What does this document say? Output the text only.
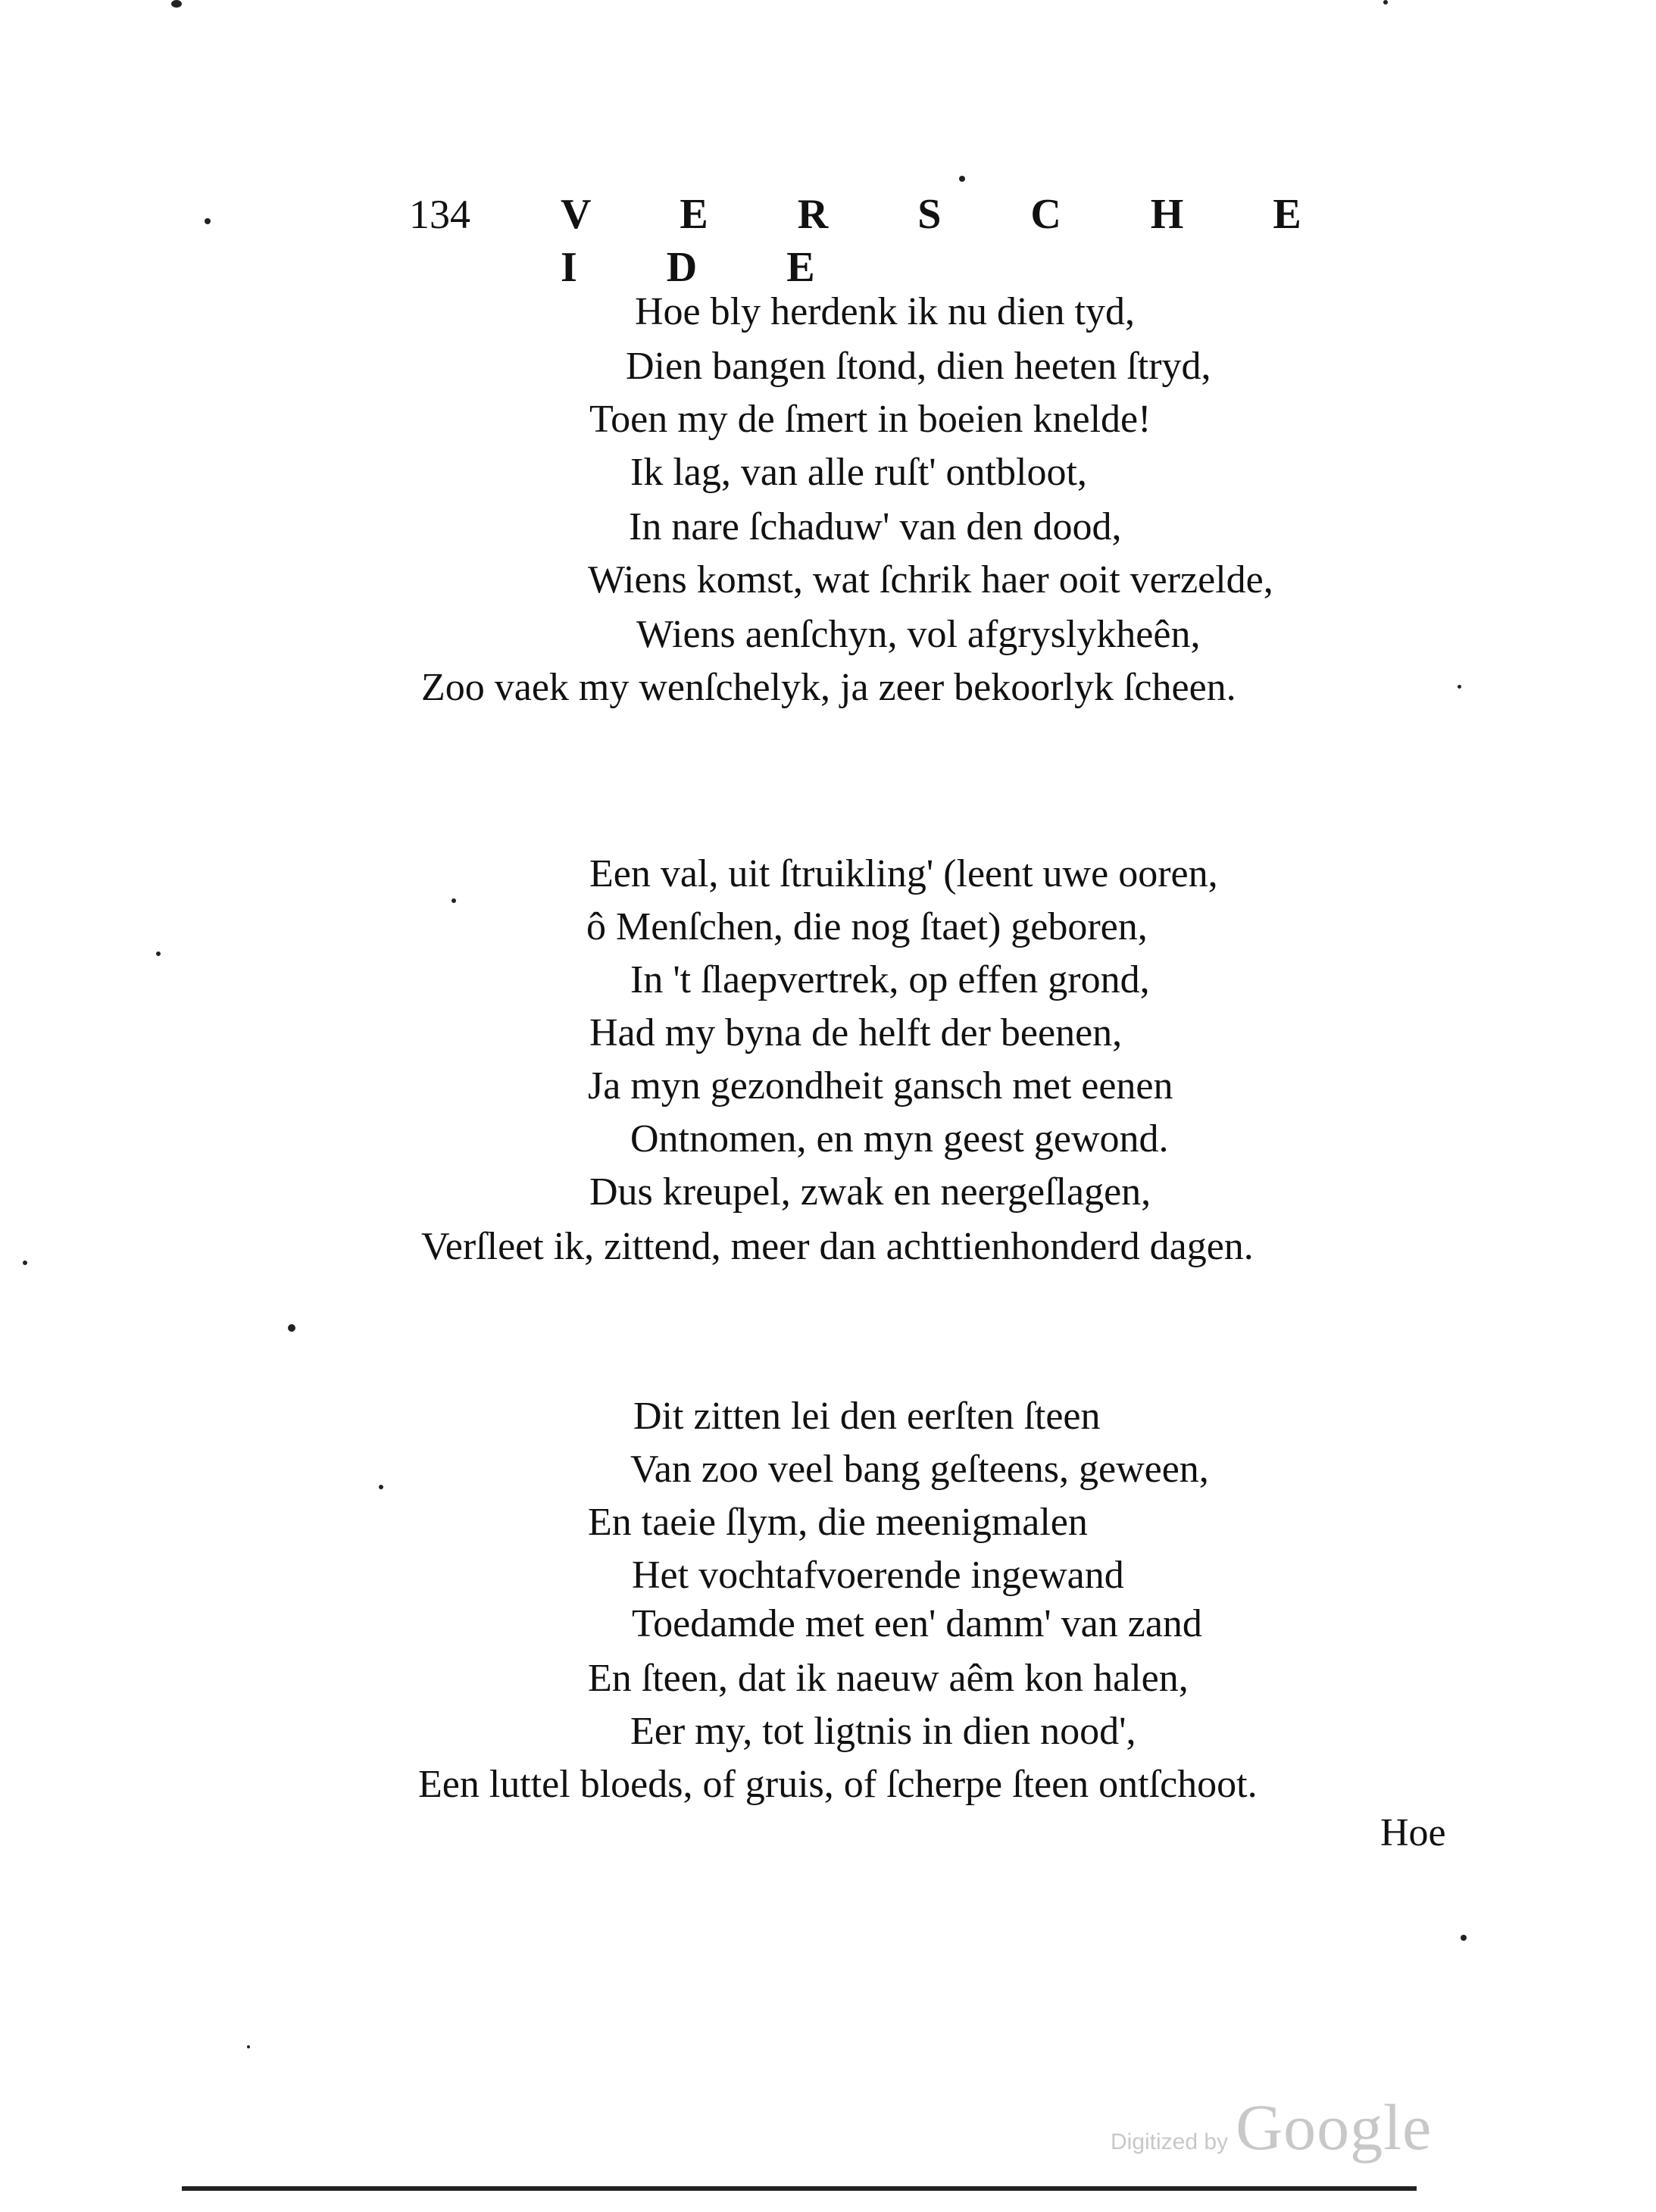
134 V E R S C H E I D E
Hoe bly herdenk ik nu dien tyd,
Dien bangen ſtond, dien heeten ſtryd,
Toen my de ſmert in boeien knelde!
Ik lag, van alle ruſt' ontbloot,
In nare ſchaduw' van den dood,
Wiens komst, wat ſchrik haer ooit verzelde,
Wiens aenſchyn, vol afgryslykheên,
Zoo vaek my wenſchelyk, ja zeer bekoorlyk ſcheen.
Een val, uit ſtruikling' (leent uwe ooren,
ô Menſchen, die nog ſtaet) geboren,
In 't ſlaepvertrek, op effen grond,
Had my byna de helft der beenen,
Ja myn gezondheit gansch met eenen
Ontnomen, en myn geest gewond.
Dus kreupel, zwak en neergeſlagen,
Verſleet ik, zittend, meer dan achttienhonderd dagen.
Dit zitten lei den eerſten ſteen
Van zoo veel bang geſteens, geween,
En taeie ſlym, die meenigmalen
Het vochtafvoerende ingewand
Toedamde met een' damm' van zand
En ſteen, dat ik naeuw aêm kon halen,
Eer my, tot ligtnis in dien nood',
Een luttel bloeds, of gruis, of ſcherpe ſteen ontſchoot.
Hoe
Digitized by Google
